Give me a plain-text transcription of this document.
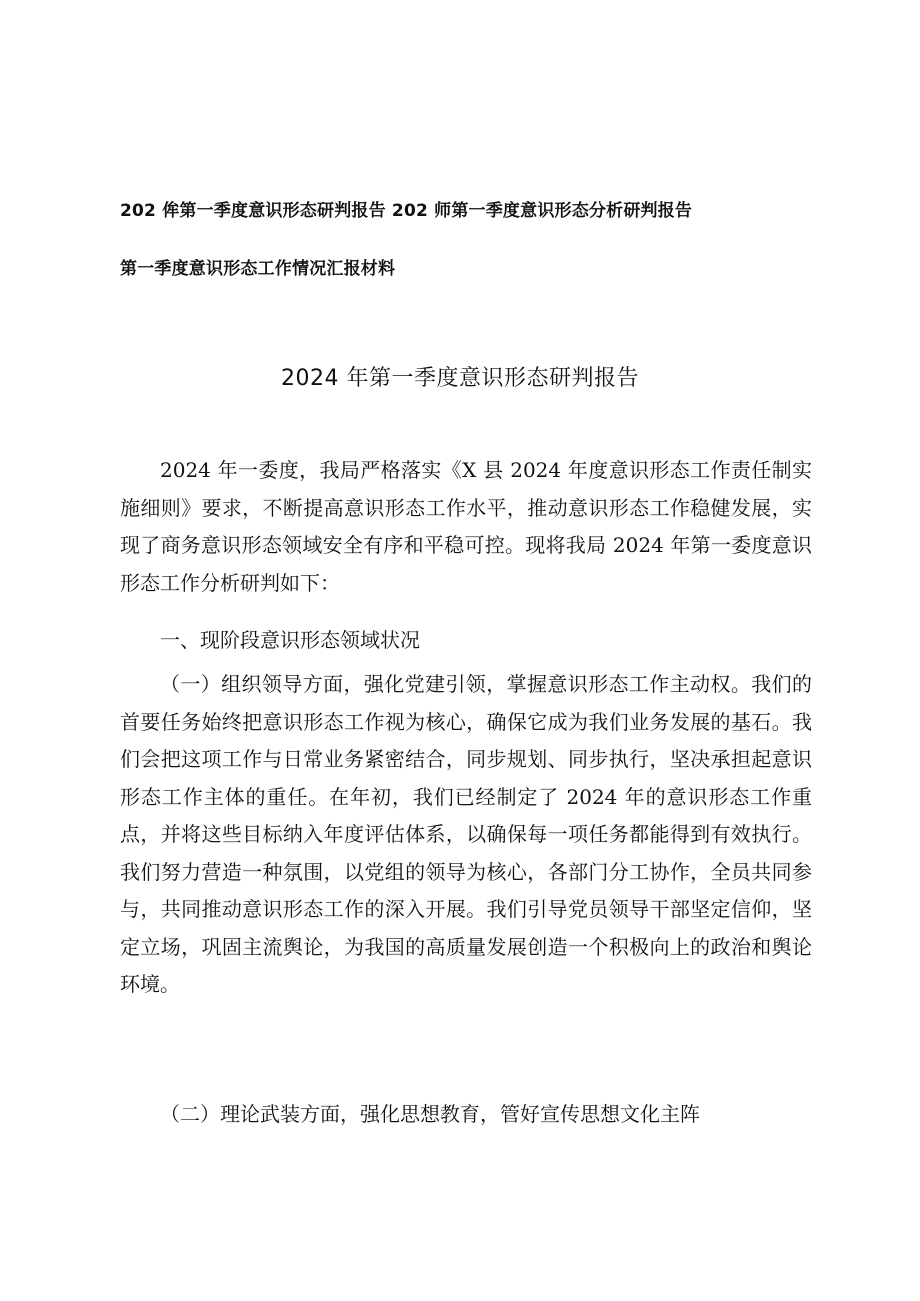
202 侔第一季度意识形态研判报告 202 师第一季度意识形态分析研判报告
第一季度意识形态工作情况汇报材料
2024 年第一季度意识形态研判报告

2024 年一委度，我局严格落实《X 县 2024 年度意识形态工作责任制实施细则》要求，不断提高意识形态工作水平，推动意识形态工作稳健发展，实现了商务意识形态领域安全有序和平稳可控。现将我局 2024 年第一委度意识形态工作分析研判如下：

一、现阶段意识形态领域状况

（一）组织领导方面，强化党建引领，掌握意识形态工作主动权。我们的首要任务始终把意识形态工作视为核心，确保它成为我们业务发展的基石。我们会把这项工作与日常业务紧密结合，同步规划、同步执行，坚决承担起意识形态工作主体的重任。在年初，我们已经制定了 2024 年的意识形态工作重点，并将这些目标纳入年度评估体系，以确保每一项任务都能得到有效执行。我们努力营造一种氛围，以党组的领导为核心，各部门分工协作，全员共同参与，共同推动意识形态工作的深入开展。我们引导党员领导干部坚定信仰，坚定立场，巩固主流舆论，为我国的高质量发展创造一个积极向上的政治和舆论环境。

（二）理论武装方面，强化思想教育，管好宣传思想文化主阵
